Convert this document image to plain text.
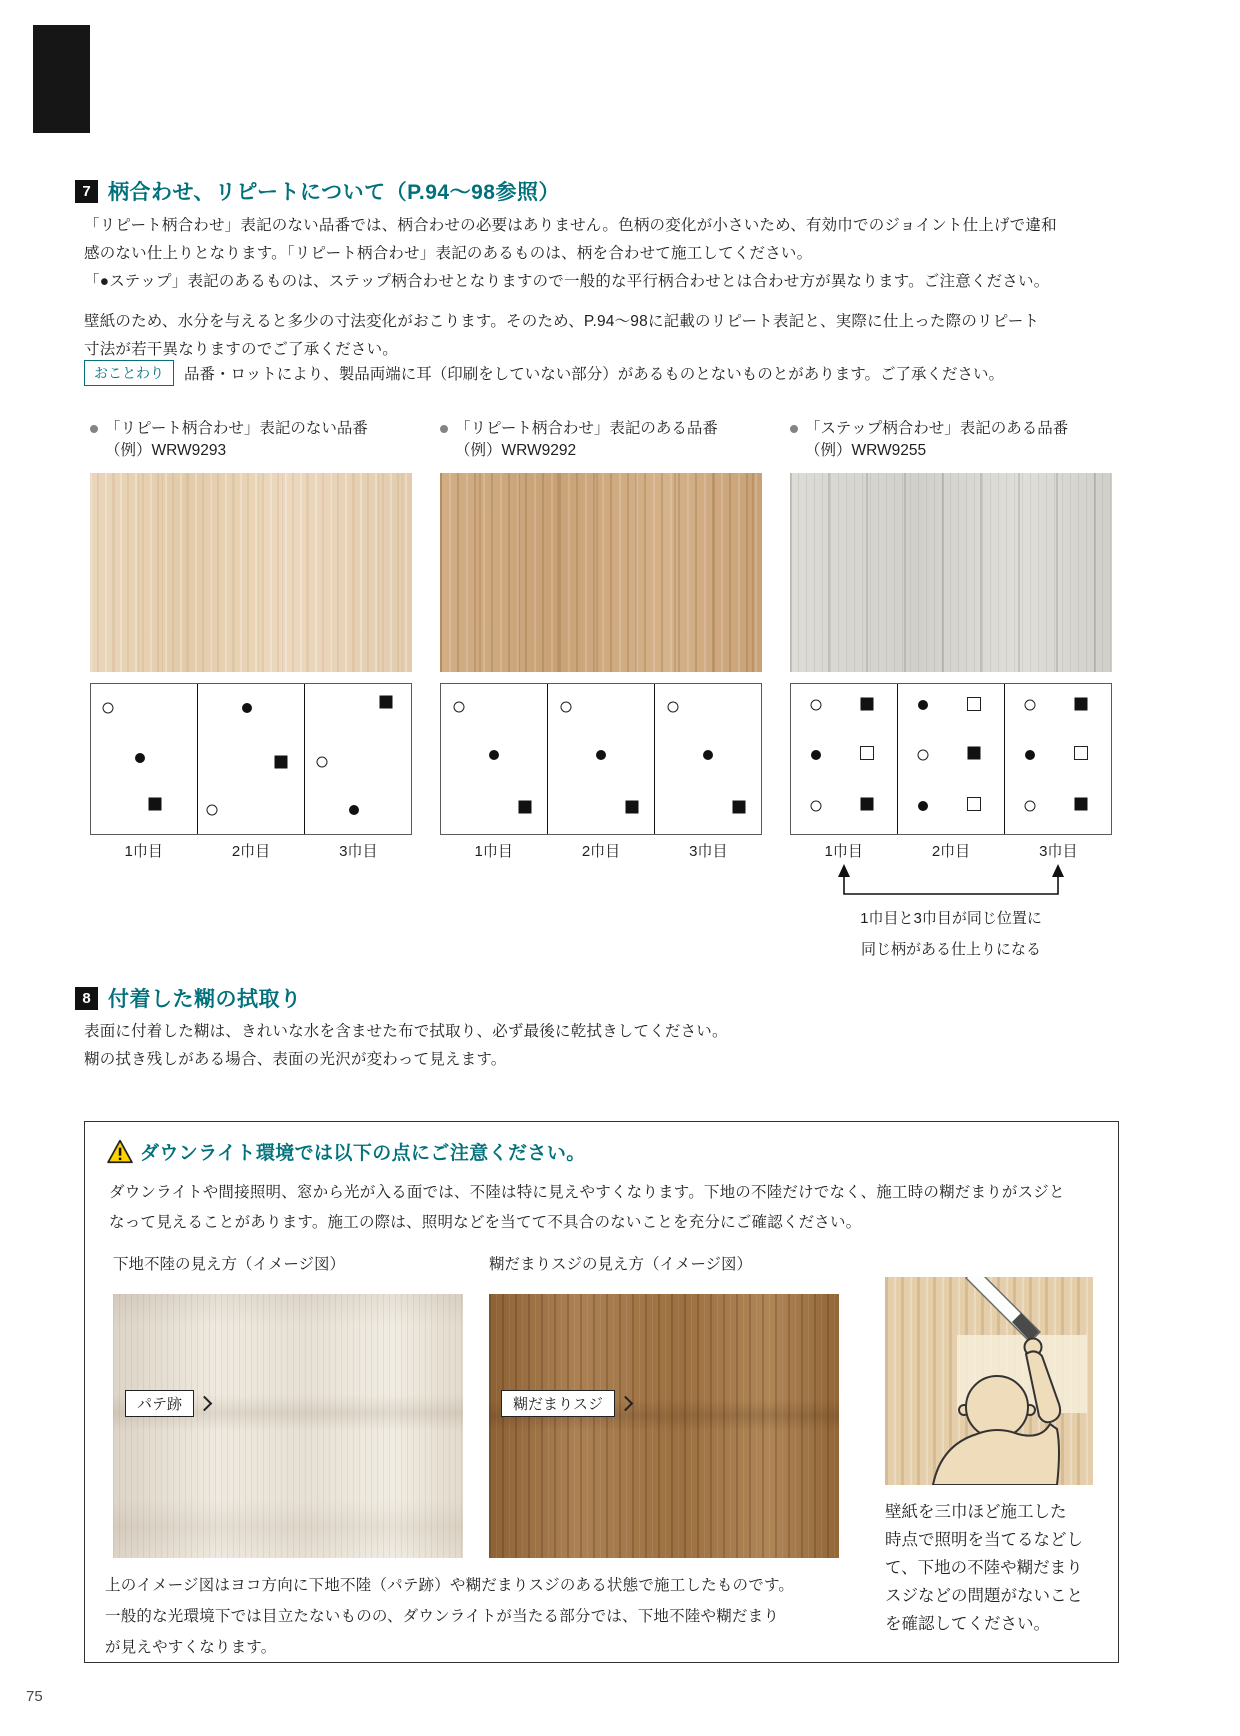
7 柄合わせ、リピートについて（P.94～98参照）
「リピート柄合わせ」表記のない品番では、柄合わせの必要はありません。色柄の変化が小さいため、有効巾でのジョイント仕上げで違和
感のない仕上りとなります。「リピート柄合わせ」表記のあるものは、柄を合わせて施工してください。
「●ステップ」表記のあるものは、ステップ柄合わせとなりますので一般的な平行柄合わせとは合わせ方が異なります。ご注意ください。
壁紙のため、水分を与えると多少の寸法変化がおこります。そのため、P.94～98に記載のリピート表記と、実際に仕上った際のリピート
寸法が若干異なりますのでご了承ください。
おことわり	品番・ロットにより、製品両端に耳（印刷をしていない部分）があるものとないものとがあります。ご了承ください。
「リピート柄合わせ」表記のない品番
（例）WRW9293
1巾目	2巾目	3巾目
「リピート柄合わせ」表記のある品番
（例）WRW9292
1巾目	2巾目	3巾目
「ステップ柄合わせ」表記のある品番
（例）WRW9255
1巾目	2巾目	3巾目
1巾目と3巾目が同じ位置に
同じ柄がある仕上りになる
8 付着した糊の拭取り
表面に付着した糊は、きれいな水を含ませた布で拭取り、必ず最後に乾拭きしてください。
糊の拭き残しがある場合、表面の光沢が変わって見えます。
ダウンライト環境では以下の点にご注意ください。
ダウンライトや間接照明、窓から光が入る面では、不陸は特に見えやすくなります。下地の不陸だけでなく、施工時の糊だまりがスジと
なって見えることがあります。施工の際は、照明などを当てて不具合のないことを充分にご確認ください。
下地不陸の見え方（イメージ図）	糊だまりスジの見え方（イメージ図）
パテ跡	糊だまりスジ
上のイメージ図はヨコ方向に下地不陸（パテ跡）や糊だまりスジのある状態で施工したものです。
一般的な光環境下では目立たないものの、ダウンライトが当たる部分では、下地不陸や糊だまり
が見えやすくなります。
壁紙を三巾ほど施工した
時点で照明を当てるなどし
て、下地の不陸や糊だまり
スジなどの問題がないこと
を確認してください。
75
